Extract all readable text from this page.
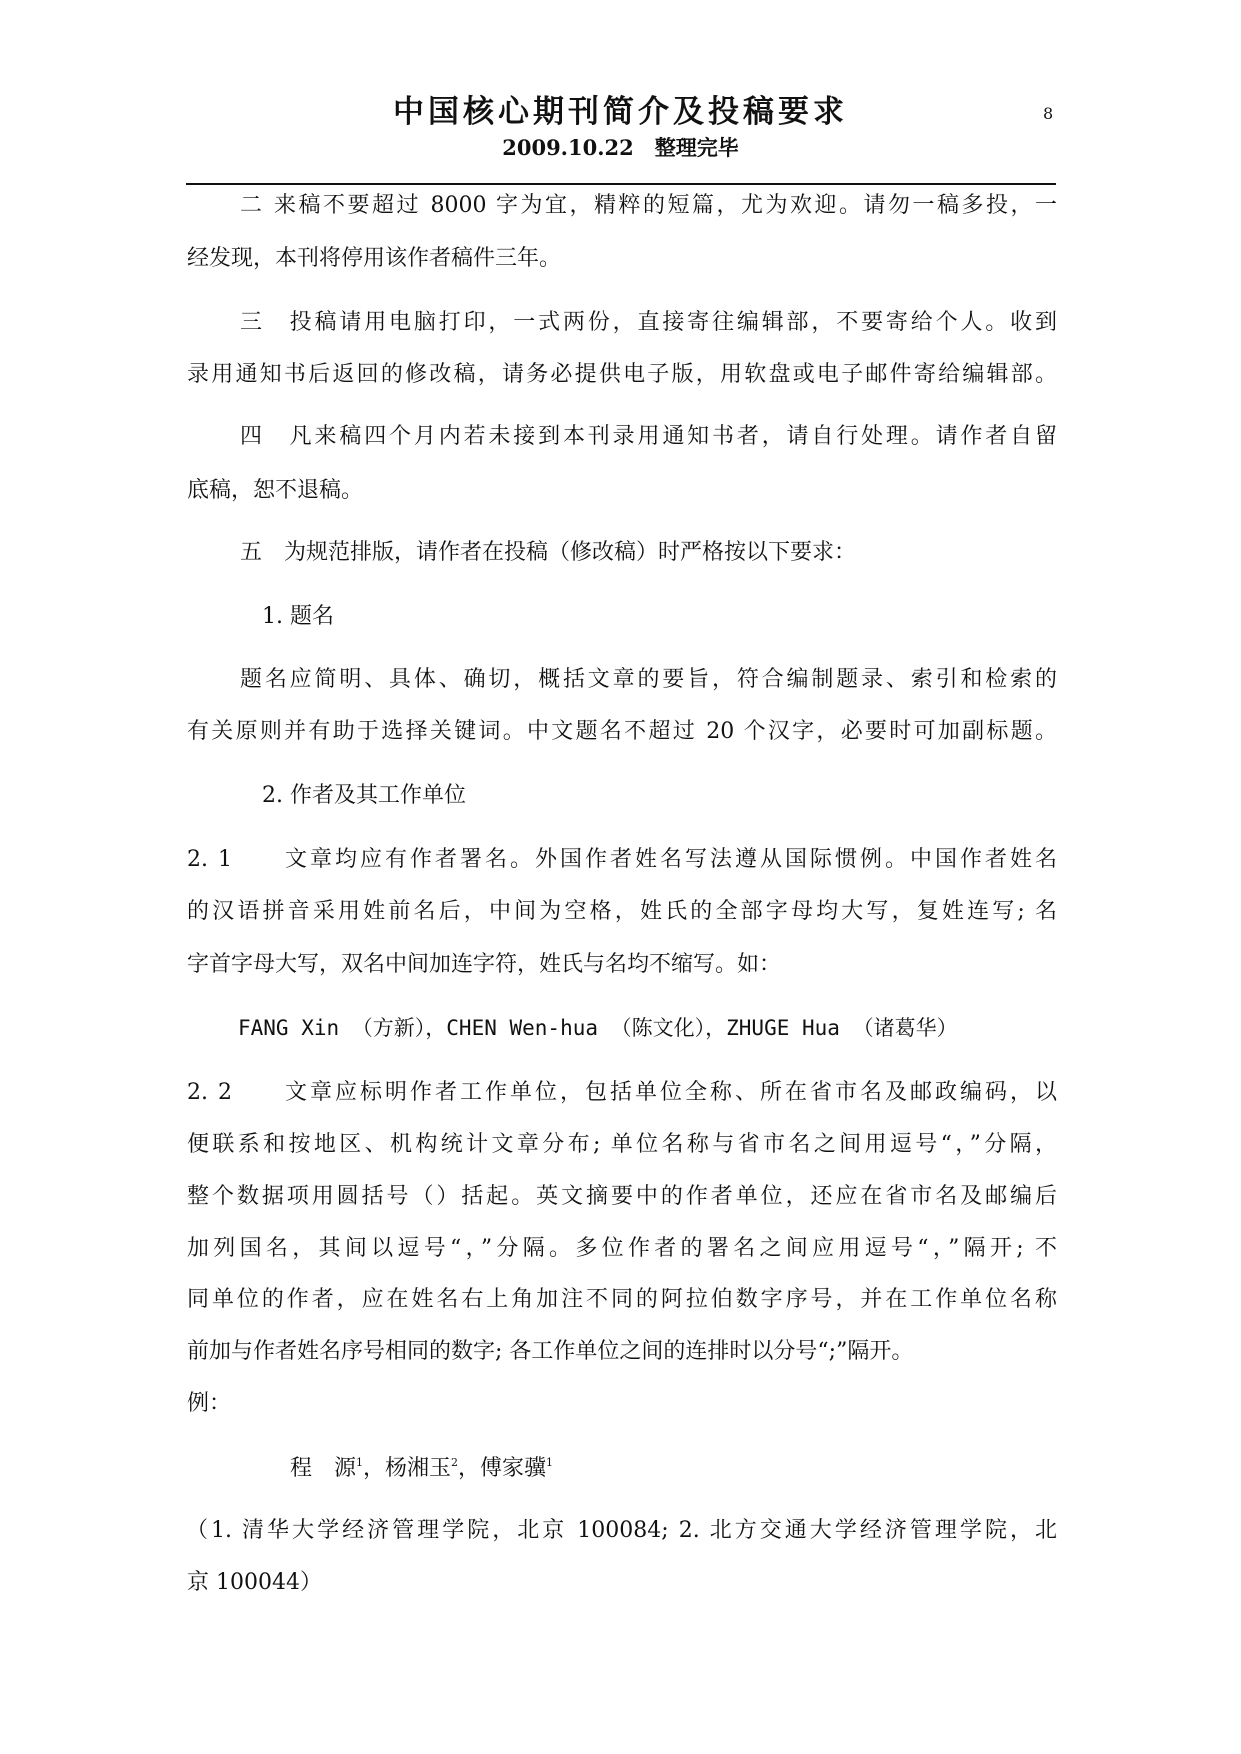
中国核心期刊简介及投稿要求
2009.10.22　整理完毕
8
二 来稿不要超过 8000 字为宜，精粹的短篇，尤为欢迎。请勿一稿多投，一
经发现，本刊将停用该作者稿件三年。
三　投稿请用电脑打印，一式两份，直接寄往编辑部，不要寄给个人。收到
录用通知书后返回的修改稿，请务必提供电子版，用软盘或电子邮件寄给编辑部。
四　凡来稿四个月内若未接到本刊录用通知书者，请自行处理。请作者自留
底稿，恕不退稿。
五　为规范排版，请作者在投稿（修改稿）时严格按以下要求：
1. 题名
题名应简明、具体、确切，概括文章的要旨，符合编制题录、索引和检索的
有关原则并有助于选择关键词。中文题名不超过 20 个汉字，必要时可加副标题。
2. 作者及其工作单位
2. 1　　文章均应有作者署名。外国作者姓名写法遵从国际惯例。中国作者姓名
的汉语拼音采用姓前名后，中间为空格，姓氏的全部字母均大写，复姓连写; 名
字首字母大写，双名中间加连字符，姓氏与名均不缩写。如：
FANG Xin （方新），CHEN Wen-hua （陈文化），ZHUGE Hua （诸葛华）
2. 2　　文章应标明作者工作单位，包括单位全称、所在省市名及邮政编码，以
便联系和按地区、机构统计文章分布; 单位名称与省市名之间用逗号“，”分隔，
整个数据项用圆括号（）括起。英文摘要中的作者单位，还应在省市名及邮编后
加列国名，其间以逗号“，”分隔。多位作者的署名之间应用逗号“，”隔开; 不
同单位的作者，应在姓名右上角加注不同的阿拉伯数字序号，并在工作单位名称
前加与作者姓名序号相同的数字; 各工作单位之间的连排时以分号“;”隔开。
例：
程　源$^1$，杨湘玉$^2$，傅家骥$^1$
（1. 清华大学经济管理学院，北京 100084; 2. 北方交通大学经济管理学院，北
京 100044）
